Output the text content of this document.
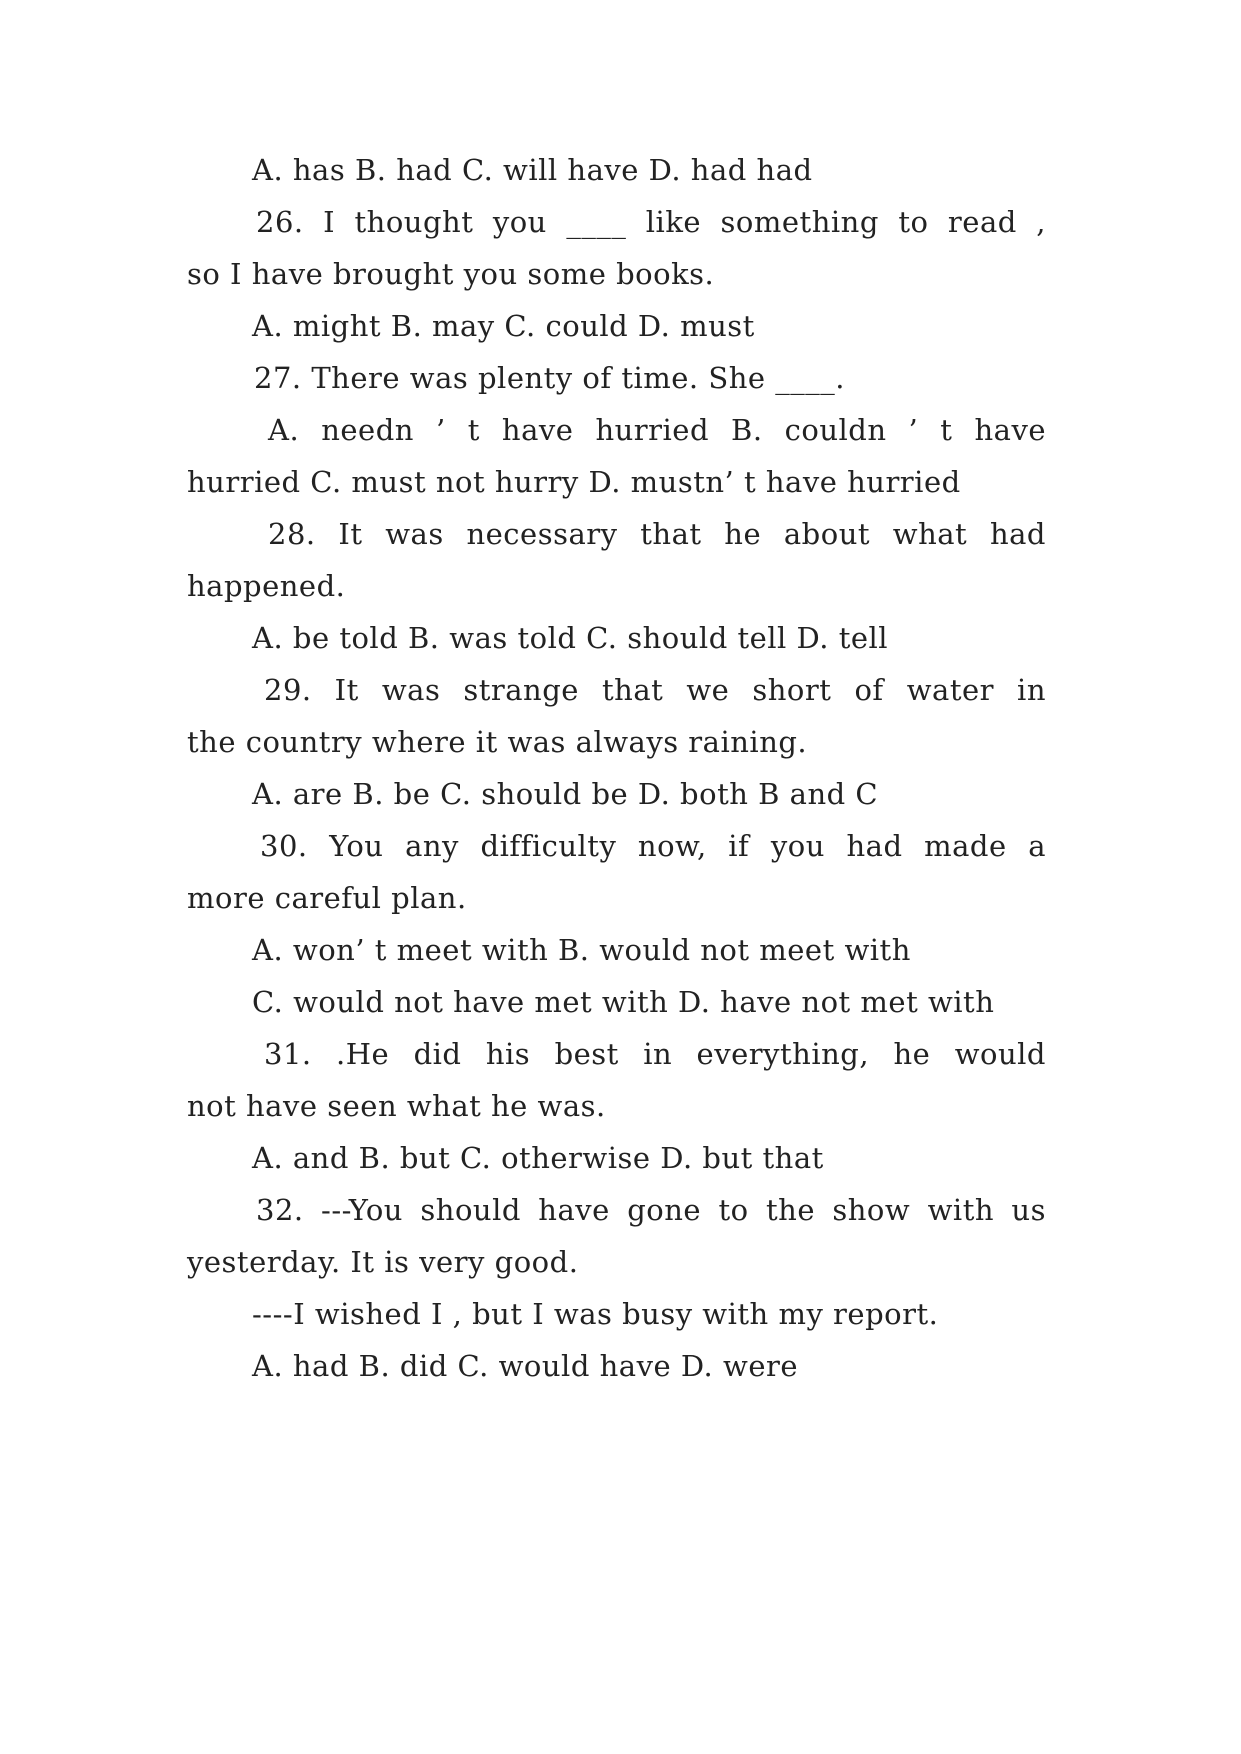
A. has B. had C. will have D. had had
26. I thought you ____ like something to read ,
so I have brought you some books.
A. might B. may C. could D. must
27. There was plenty of time. She ____.
A. needn ’ t have hurried B. couldn ’ t have
hurried C. must not hurry D. mustn’ t have hurried
28. It was necessary that he about what had
happened.
A. be told B. was told C. should tell D. tell
29. It was strange that we short of water in
the country where it was always raining.
A. are B. be C. should be D. both B and C
30. You any difficulty now, if you had made a
more careful plan.
A. won’ t meet with B. would not meet with
C. would not have met with D. have not met with
31. .He did his best in everything, he would
not have seen what he was.
A. and B. but C. otherwise D. but that
32. ---You should have gone to the show with us
yesterday. It is very good.
----I wished I , but I was busy with my report.
A. had B. did C. would have D. were
